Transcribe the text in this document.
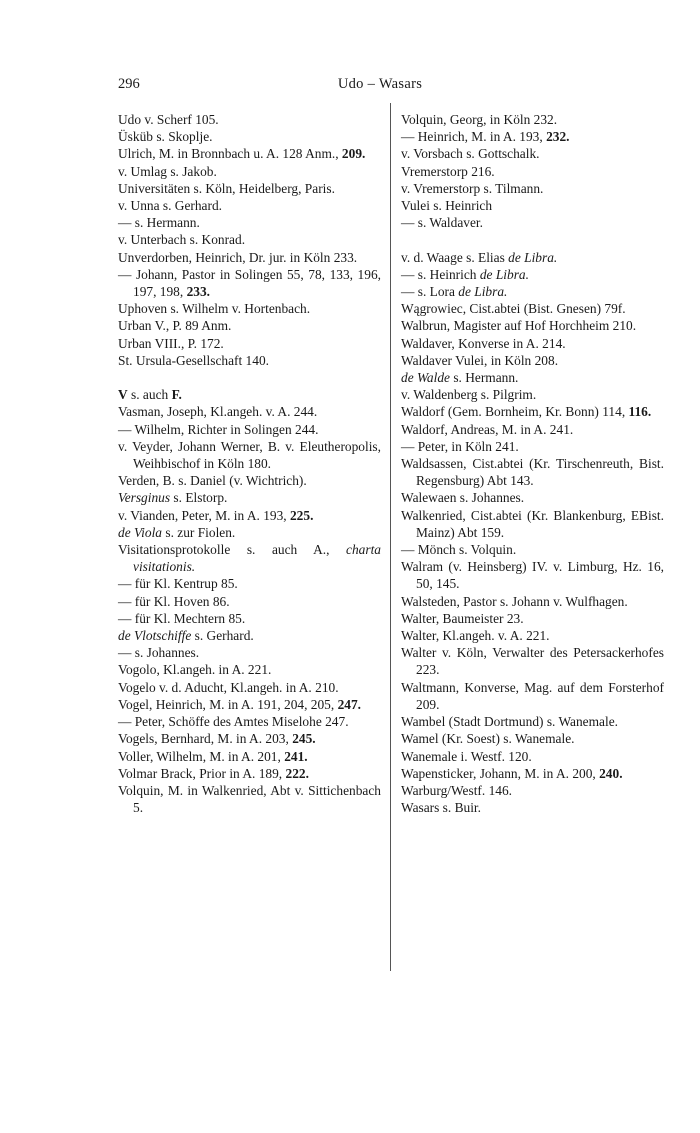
296	Udo – Wasars

Udo v. Scherf 105.

Üsküb s. Skoplje.

Ulrich, M. in Bronnbach u. A. 128 Anm., 209.

v. Umlag s. Jakob.

Universitäten s. Köln, Heidelberg, Paris.

v. Unna s. Gerhard.

— s. Hermann.

v. Unterbach s. Konrad.

Unverdorben, Heinrich, Dr. jur. in Köln 233.

— Johann, Pastor in Solingen 55, 78, 133, 196, 197, 198, 233.

Uphoven s. Wilhelm v. Hortenbach.

Urban V., P. 89 Anm.

Urban VIII., P. 172.

St. Ursula-Gesellschaft 140.

V s. auch F.

Vasman, Joseph, Kl.angeh. v. A. 244.

— Wilhelm, Richter in Solingen 244.

v. Veyder, Johann Werner, B. v. Eleutheropolis, Weihbischof in Köln 180.

Verden, B. s. Daniel (v. Wichtrich).

Versginus s. Elstorp.

v. Vianden, Peter, M. in A. 193, 225.

de Viola s. zur Fiolen.

Visitationsprotokolle s. auch A., charta visitationis.

— für Kl. Kentrup 85.

— für Kl. Hoven 86.

— für Kl. Mechtern 85.

de Vlotschiffe s. Gerhard.

— s. Johannes.

Vogolo, Kl.angeh. in A. 221.

Vogelo v. d. Aducht, Kl.angeh. in A. 210.

Vogel, Heinrich, M. in A. 191, 204, 205, 247.

— Peter, Schöffe des Amtes Miselohe 247.

Vogels, Bernhard, M. in A. 203, 245.

Voller, Wilhelm, M. in A. 201, 241.

Volmar Brack, Prior in A. 189, 222.

Volquin, M. in Walkenried, Abt v. Sittichenbach 5.

Volquin, Georg, in Köln 232.

— Heinrich, M. in A. 193, 232.

v. Vorsbach s. Gottschalk.

Vremerstorp 216.

v. Vremerstorp s. Tilmann.

Vulei s. Heinrich

— s. Waldaver.

v. d. Waage s. Elias de Libra.

— s. Heinrich de Libra.

— s. Lora de Libra.

Wągrowiec, Cist.abtei (Bist. Gnesen) 79f.

Walbrun, Magister auf Hof Horchheim 210.

Waldaver, Konverse in A. 214.

Waldaver Vulei, in Köln 208.

de Walde s. Hermann.

v. Waldenberg s. Pilgrim.

Waldorf (Gem. Bornheim, Kr. Bonn) 114, 116.

Waldorf, Andreas, M. in A. 241.

— Peter, in Köln 241.

Waldsassen, Cist.abtei (Kr. Tirschenreuth, Bist. Regensburg) Abt 143.

Walewaen s. Johannes.

Walkenried, Cist.abtei (Kr. Blankenburg, EBist. Mainz) Abt 159.

— Mönch s. Volquin.

Walram (v. Heinsberg) IV. v. Limburg, Hz. 16, 50, 145.

Walsteden, Pastor s. Johann v. Wulfhagen.

Walter, Baumeister 23.

Walter, Kl.angeh. v. A. 221.

Walter v. Köln, Verwalter des Petersackerhofes 223.

Waltmann, Konverse, Mag. auf dem Forsterhof 209.

Wambel (Stadt Dortmund) s. Wanemale.

Wamel (Kr. Soest) s. Wanemale.

Wanemale i. Westf. 120.

Wapensticker, Johann, M. in A. 200, 240.

Warburg/Westf. 146.

Wasars s. Buir.
